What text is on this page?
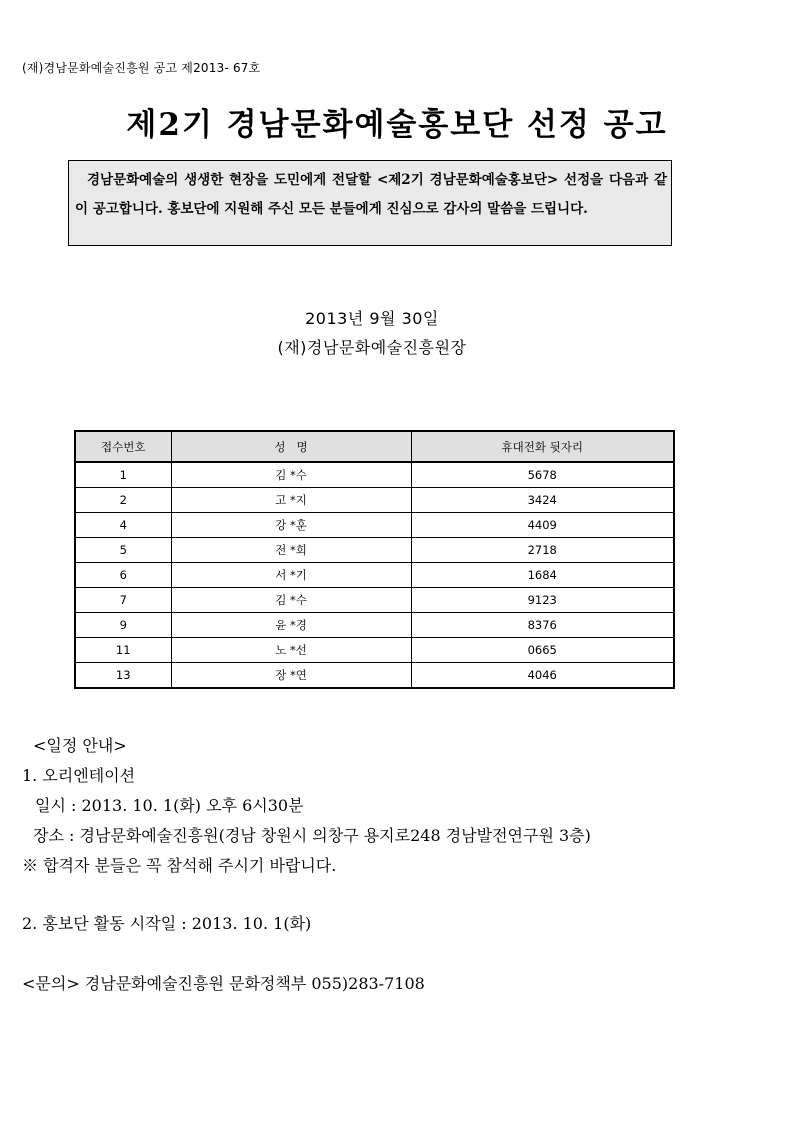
(재)경남문화예술진흥원 공고 제2013- 67호
제2기 경남문화예술홍보단 선정 공고
경남문화예술의 생생한 현장을 도민에게 전달할 <제2기 경남문화예술홍보단> 선정을 다음과 같이 공고합니다. 홍보단에 지원해 주신 모든 분들에게 진심으로 감사의 말씀을 드립니다.
2013년 9월 30일
(재)경남문화예술진흥원장
접수번호	성   명	휴대전화 뒷자리
1	김 *수	5678
2	고 *지	3424
4	강 *훈	4409
5	전 *희	2718
6	서 *기	1684
7	김 *수	9123
9	윤 *경	8376
11	노 *선	0665
13	장 *연	4046
<일정 안내>
1. 오리엔테이션
일시 : 2013. 10. 1(화) 오후 6시30분
장소 : 경남문화예술진흥원(경남 창원시 의창구 용지로248 경남발전연구원 3층)
※ 합격자 분들은 꼭 참석해 주시기 바랍니다.
2. 홍보단 활동 시작일 : 2013. 10. 1(화)
<문의> 경남문화예술진흥원 문화정책부 055)283-7108
